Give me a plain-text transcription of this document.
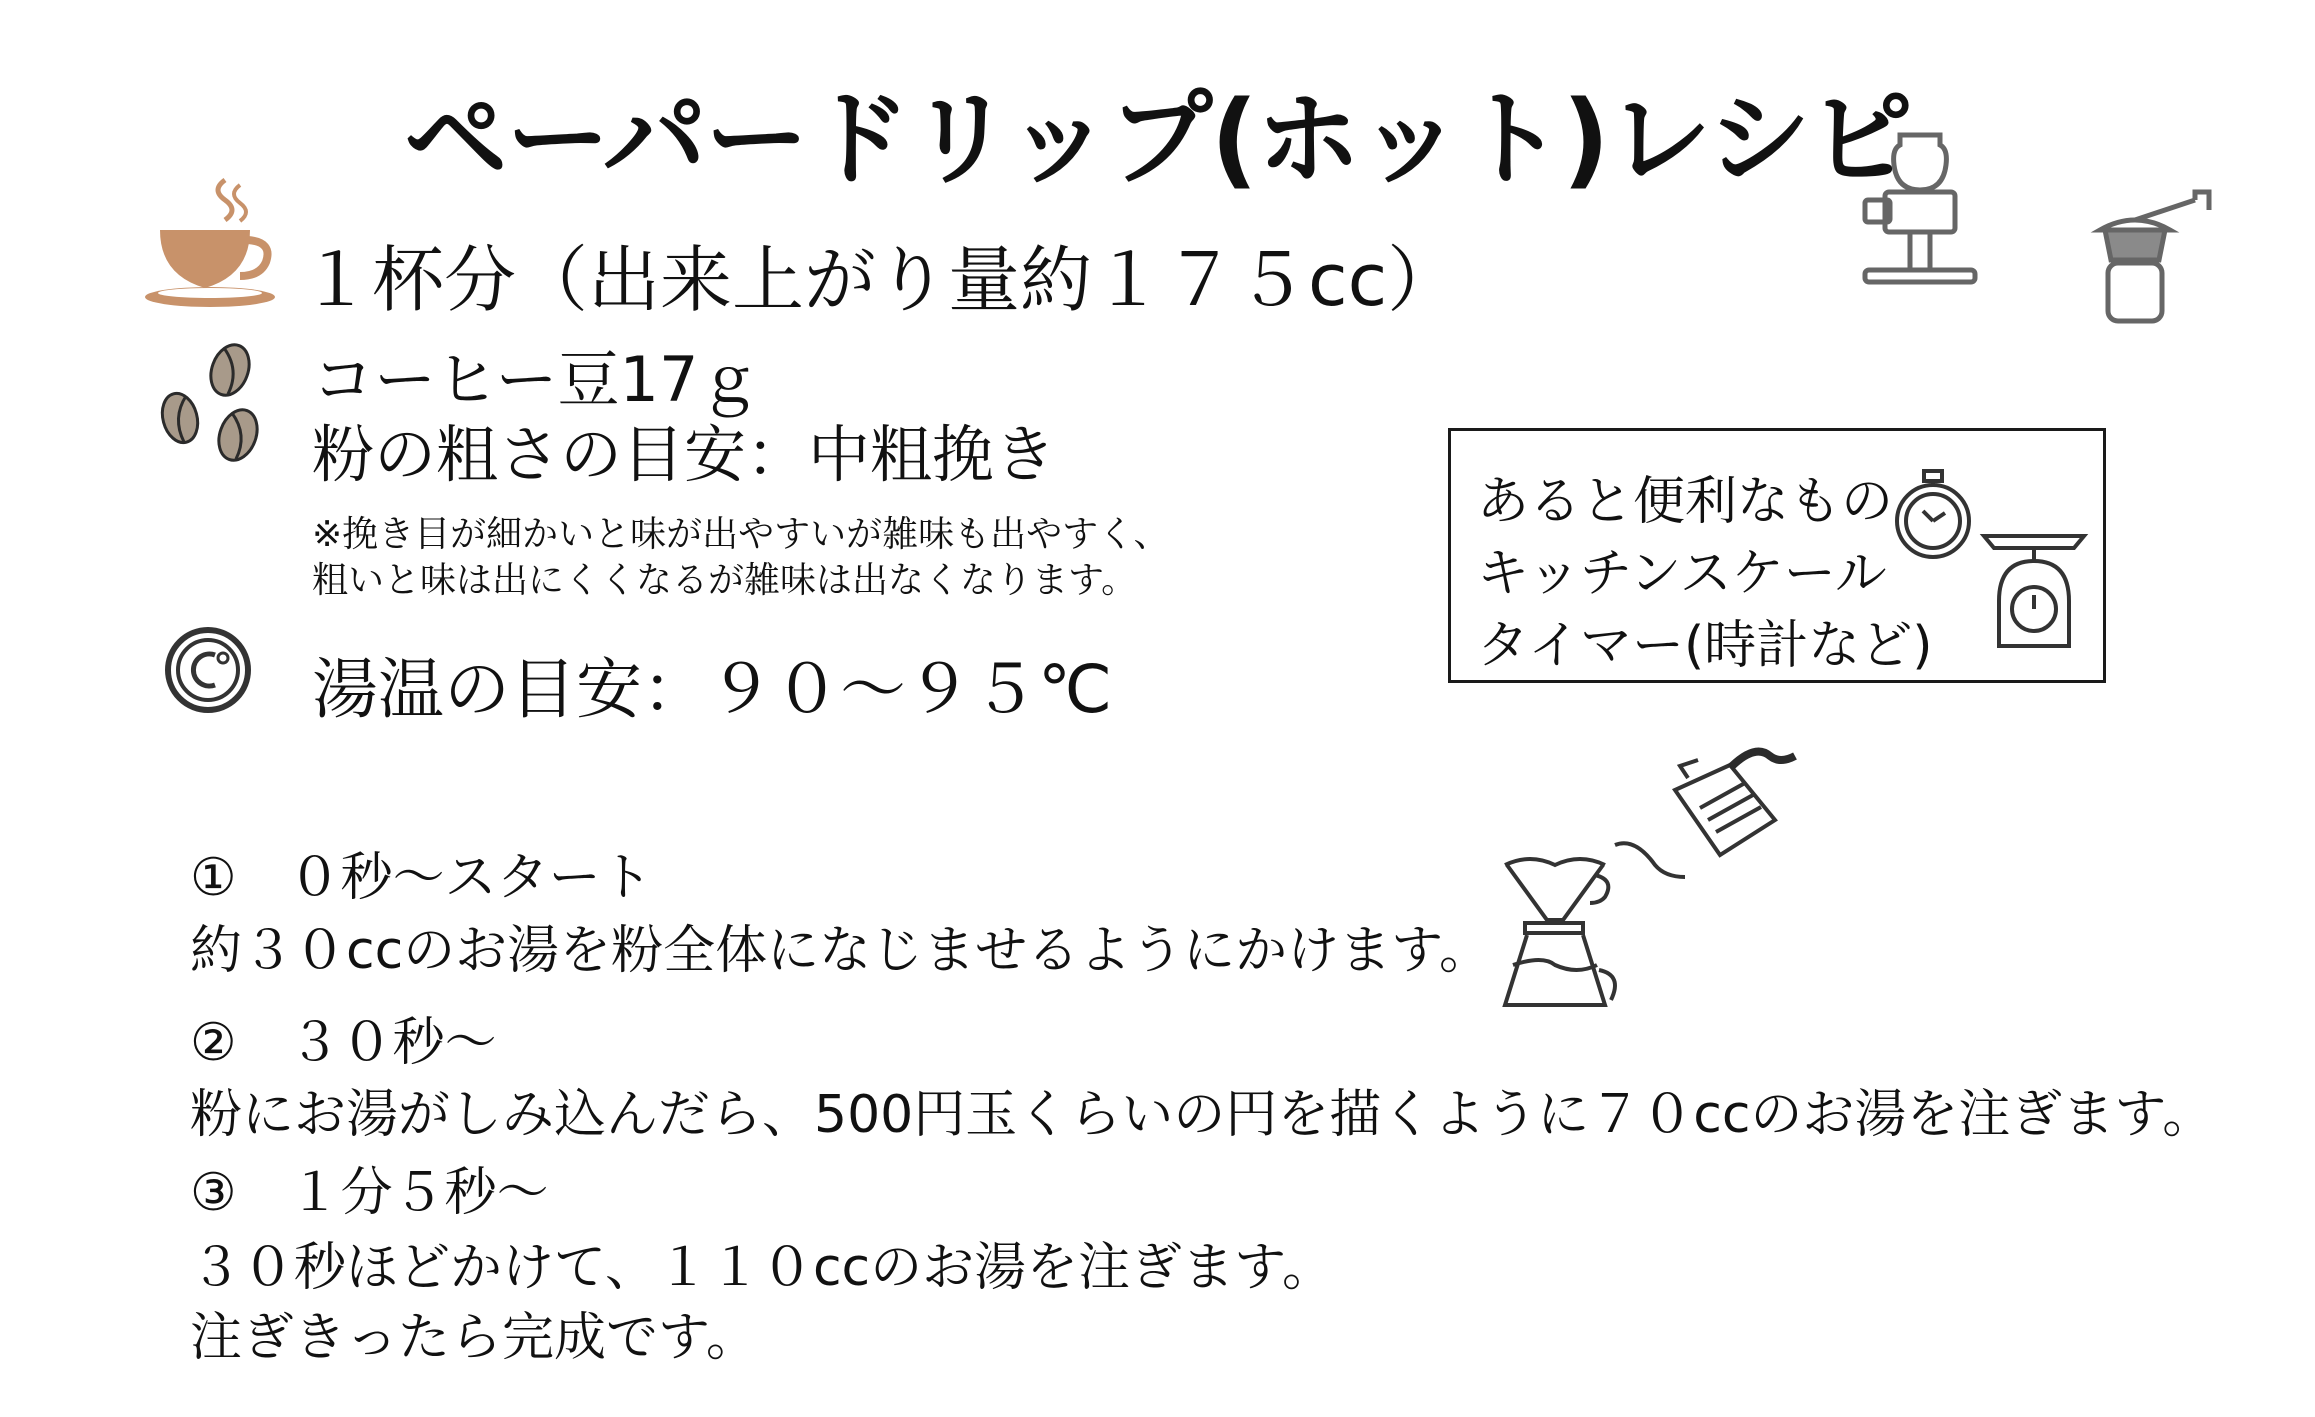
ペーパードリップ(ホット)レシピ
１杯分（出来上がり量約１７５cc）
コーヒー豆17ｇ
粉の粗さの目安：中粗挽き
※挽き目が細かいと味が出やすいが雑味も出やすく、
粗いと味は出にくくなるが雑味は出なくなります。
湯温の目安：９０～９５℃
あると便利なもの
キッチンスケール
タイマー(時計など)
①　０秒～スタート
約３０ccのお湯を粉全体になじませるようにかけます。
②　３０秒～
粉にお湯がしみ込んだら、500円玉くらいの円を描くように７０ccのお湯を注ぎます。
③　１分５秒～
３０秒ほどかけて、１１０ccのお湯を注ぎます。
注ぎきったら完成です。
